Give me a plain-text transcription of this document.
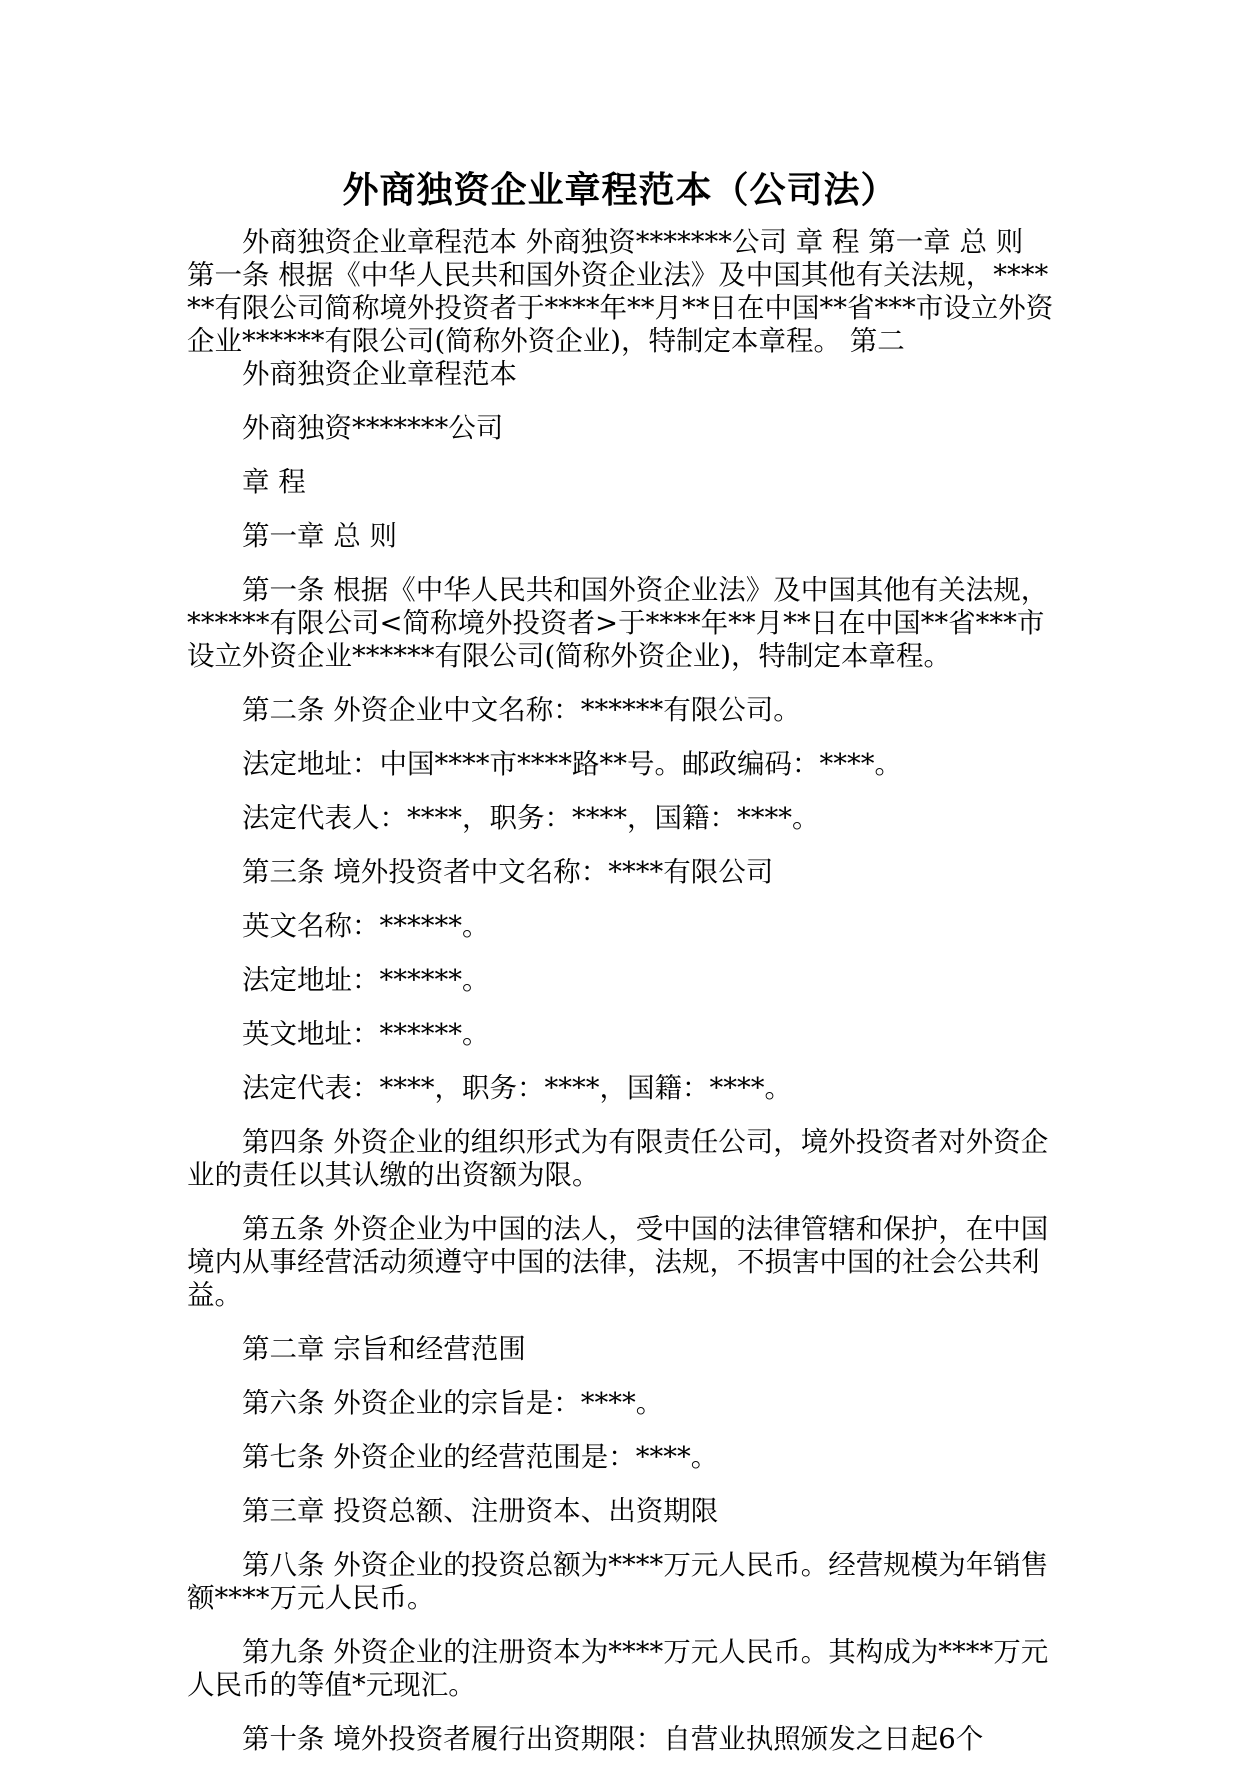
外商独资企业章程范本（公司法）

外商独资企业章程范本 外商独资*******公司 章 程 第一章 总 则 第一条 根据《中华人民共和国外资企业法》及中国其他有关法规，******有限公司简称境外投资者于****年**月**日在中国**省***市设立外资企业******有限公司(简称外资企业)，特制定本章程。 第二

外商独资企业章程范本

外商独资*******公司

章 程

第一章 总 则

第一条 根据《中华人民共和国外资企业法》及中国其他有关法规，******有限公司<简称境外投资者>于****年**月**日在中国**省***市设立外资企业******有限公司(简称外资企业)，特制定本章程。

第二条 外资企业中文名称：******有限公司。

法定地址：中国****市****路**号。邮政编码：****。

法定代表人：****，职务：****，国籍：****。

第三条 境外投资者中文名称：****有限公司

英文名称：******。

法定地址：******。

英文地址：******。

法定代表：****，职务：****，国籍：****。

第四条 外资企业的组织形式为有限责任公司，境外投资者对外资企业的责任以其认缴的出资额为限。

第五条 外资企业为中国的法人，受中国的法律管辖和保护，在中国境内从事经营活动须遵守中国的法律，法规，不损害中国的社会公共利益。

第二章 宗旨和经营范围

第六条 外资企业的宗旨是：****。

第七条 外资企业的经营范围是：****。

第三章 投资总额、注册资本、出资期限

第八条 外资企业的投资总额为****万元人民币。经营规模为年销售额****万元人民币。

第九条 外资企业的注册资本为****万元人民币。其构成为****万元人民币的等值*元现汇。

第十条 境外投资者履行出资期限：自营业执照颁发之日起6个
